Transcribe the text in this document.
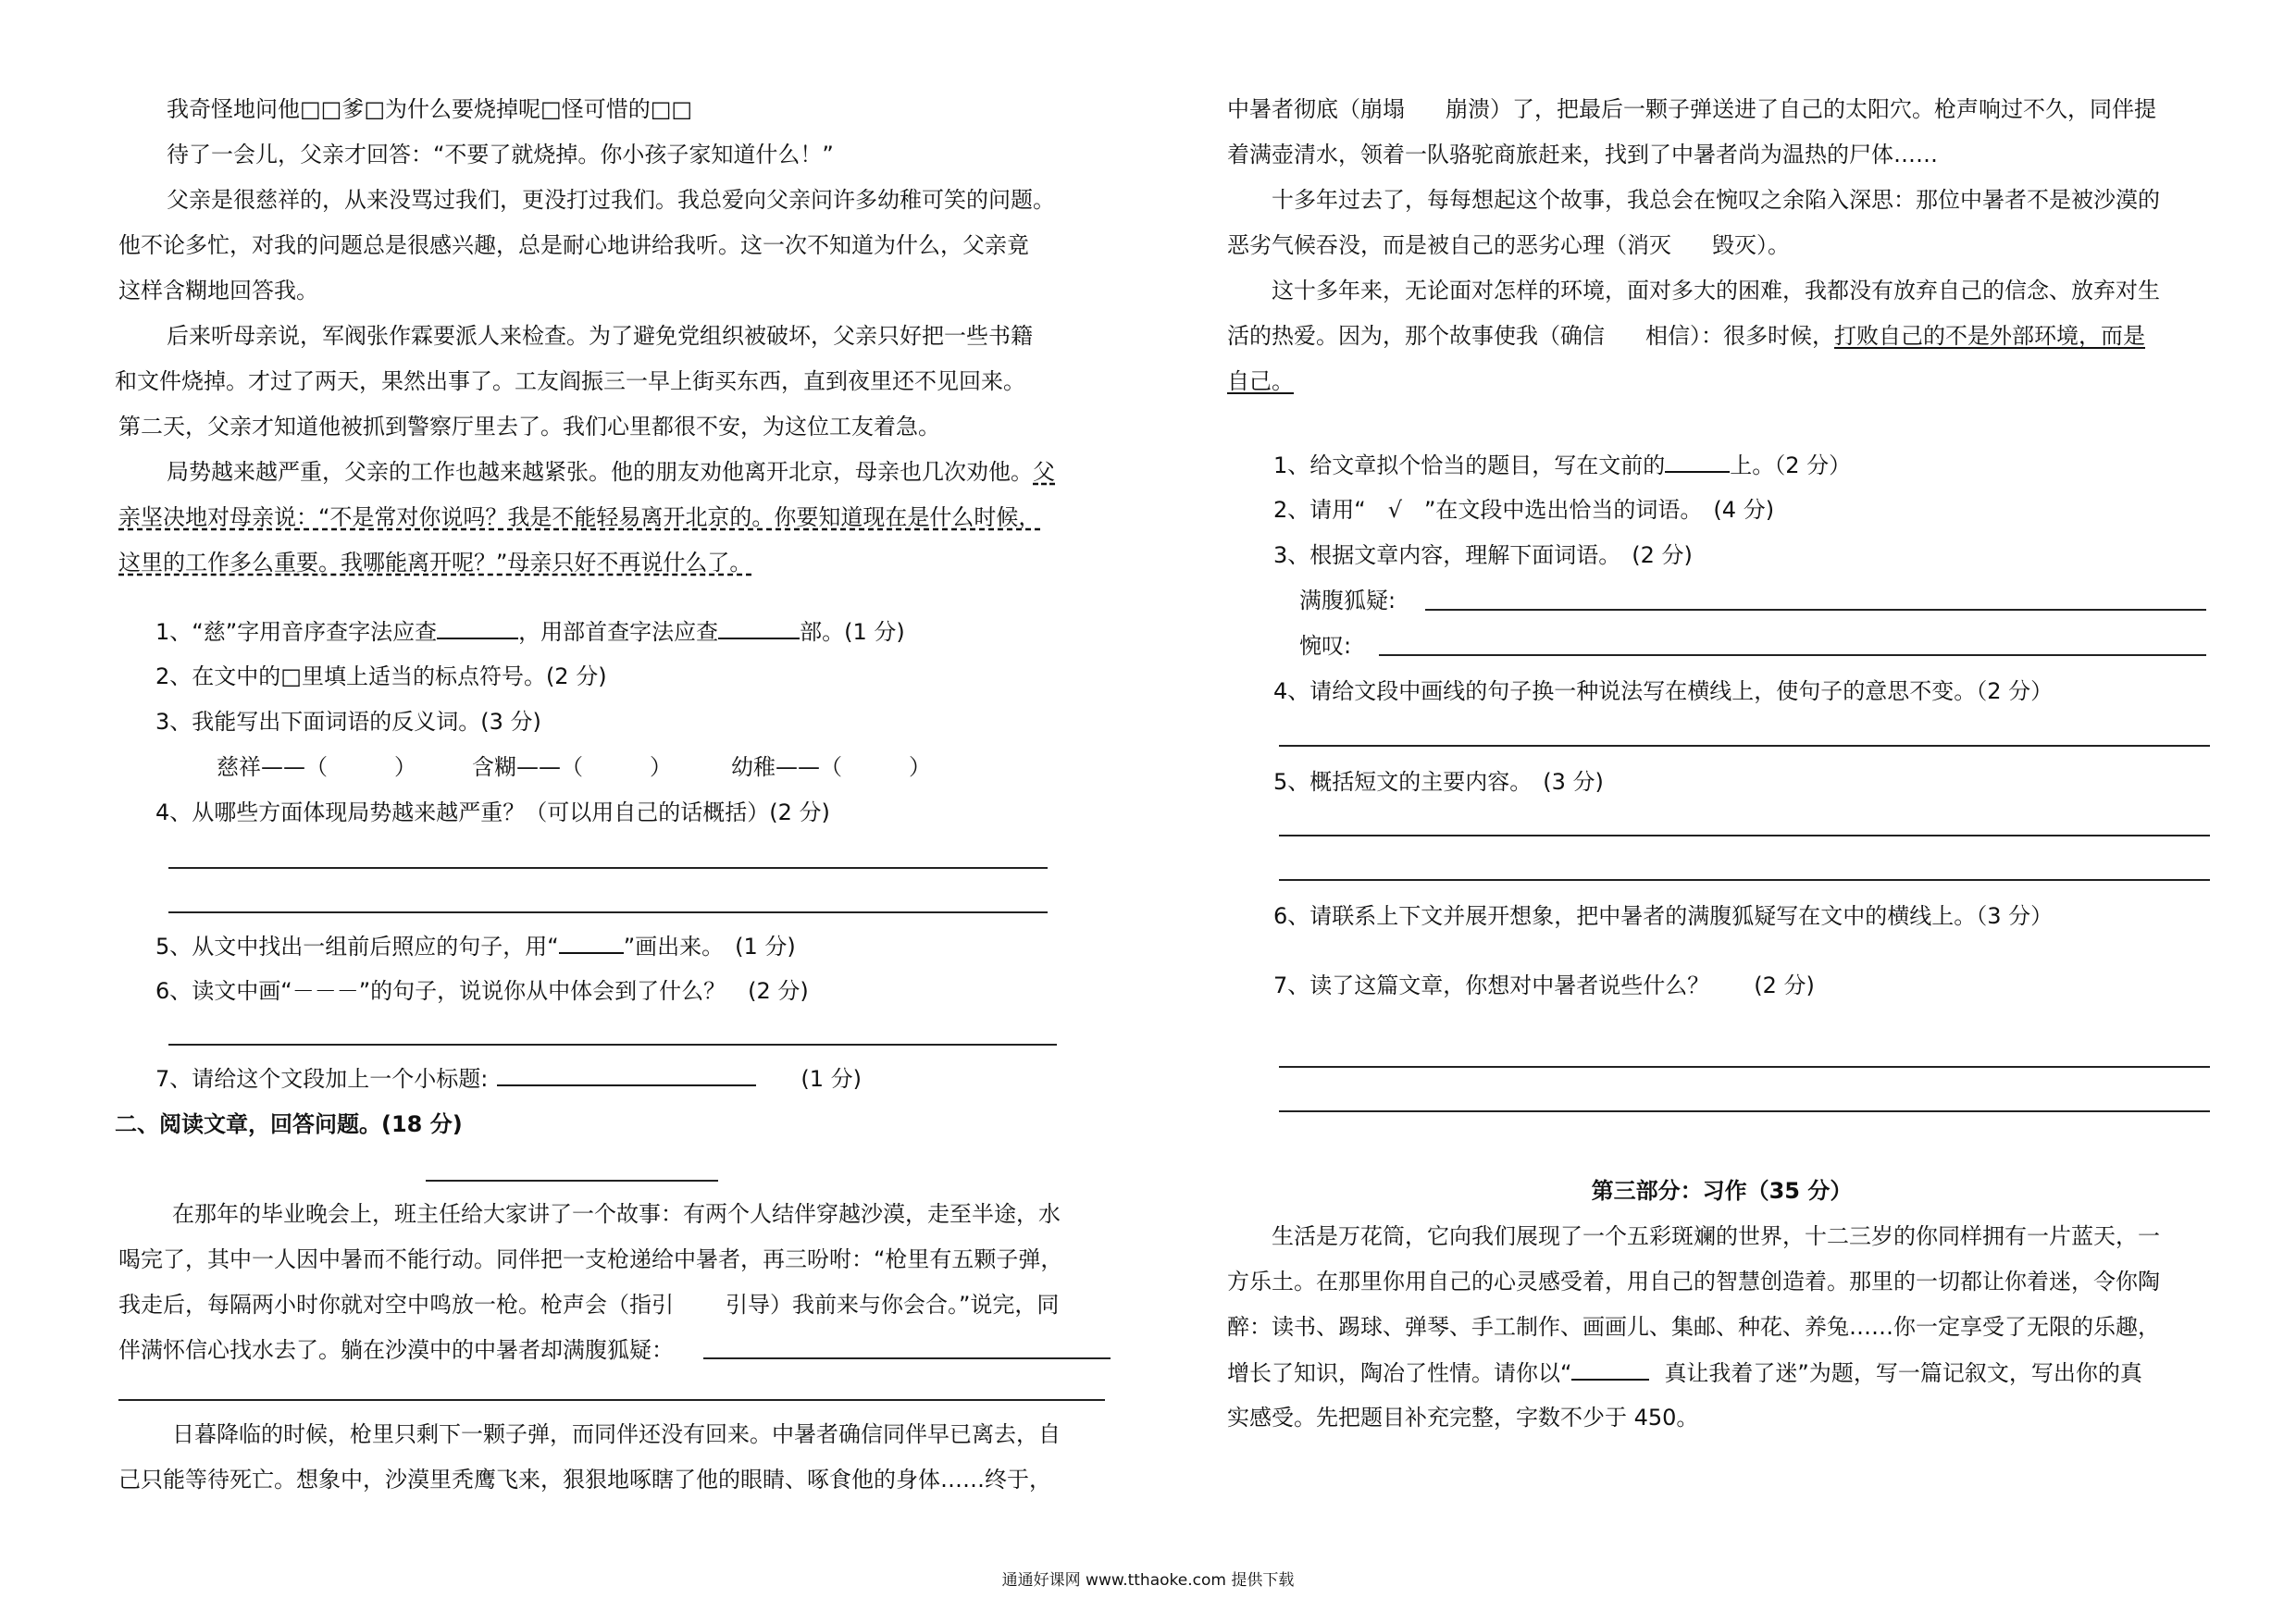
我奇怪地问他□□爹□为什么要烧掉呢□怪可惜的□□
待了一会儿，父亲才回答：“不要了就烧掉。你小孩子家知道什么！”
父亲是很慈祥的，从来没骂过我们，更没打过我们。我总爱向父亲问许多幼稚可笑的问题。
他不论多忙，对我的问题总是很感兴趣，总是耐心地讲给我听。这一次不知道为什么，父亲竟
这样含糊地回答我。
后来听母亲说，军阀张作霖要派人来检查。为了避免党组织被破坏，父亲只好把一些书籍
和文件烧掉。才过了两天，果然出事了。工友阎振三一早上街买东西，直到夜里还不见回来。
第二天，父亲才知道他被抓到警察厅里去了。我们心里都很不安，为这位工友着急。
局势越来越严重，父亲的工作也越来越紧张。他的朋友劝他离开北京，母亲也几次劝他。父
亲坚决地对母亲说：“不是常对你说吗？我是不能轻易离开北京的。你要知道现在是什么时候，
这里的工作多么重要。我哪能离开呢？”母亲只好不再说什么了。
1、“慈”字用音序查字法应查	，用部首查字法应查	部。(1 分)
2、在文中的□里填上适当的标点符号。(2 分)
3、我能写出下面词语的反义词。(3 分)
慈祥——（　　　）	含糊——（　　　）	幼稚——（　　　）
4、从哪些方面体现局势越来越严重？（可以用自己的话概括）(2 分)
5、从文中找出一组前后照应的句子，用“	”画出来。　(1 分)
6、读文中画“－－－”的句子，说说你从中体会到了什么？　(2 分)
7、请给这个文段加上一个小标题:	(1 分)
二、阅读文章，回答问题。(18 分)
在那年的毕业晚会上，班主任给大家讲了一个故事：有两个人结伴穿越沙漠，走至半途，水
喝完了，其中一人因中暑而不能行动。同伴把一支枪递给中暑者，再三吩咐：“枪里有五颗子弹，
我走后，每隔两小时你就对空中鸣放一枪。枪声会（指引 引导）我前来与你会合。”说完，同
伴满怀信心找水去了。躺在沙漠中的中暑者却满腹狐疑：
日暮降临的时候，枪里只剩下一颗子弹，而同伴还没有回来。中暑者确信同伴早已离去，自
己只能等待死亡。想象中，沙漠里秃鹰飞来，狠狠地啄瞎了他的眼睛、啄食他的身体……终于，
中暑者彻底（崩塌 崩溃）了，把最后一颗子弹送进了自己的太阳穴。枪声响过不久，同伴提
着满壶清水，领着一队骆驼商旅赶来，找到了中暑者尚为温热的尸体……
十多年过去了，每每想起这个故事，我总会在惋叹之余陷入深思：那位中暑者不是被沙漠的
恶劣气候吞没，而是被自己的恶劣心理（消灭 毁灭）。
这十多年来，无论面对怎样的环境，面对多大的困难，我都没有放弃自己的信念、放弃对生
活的热爱。因为，那个故事使我（确信 相信）：很多时候，打败自己的不是外部环境，而是
自己。
1、给文章拟个恰当的题目，写在文前的	上。（2 分）
2、请用“　√　”在文段中选出恰当的词语。　(4 分)
3、根据文章内容，理解下面词语。　(2 分)
满腹狐疑:
惋叹:
4、请给文段中画线的句子换一种说法写在横线上，使句子的意思不变。（2 分）
5、概括短文的主要内容。　(3 分)
6、请联系上下文并展开想象，把中暑者的满腹狐疑写在文中的横线上。（3 分）
7、读了这篇文章，你想对中暑者说些什么？　　(2 分)
第三部分：习作（35 分）
生活是万花筒，它向我们展现了一个五彩斑斓的世界，十二三岁的你同样拥有一片蓝天，一
方乐土。在那里你用自己的心灵感受着，用自己的智慧创造着。那里的一切都让你着迷，令你陶
醉：读书、踢球、弹琴、手工制作、画画儿、集邮、种花、养兔……你一定享受了无限的乐趣，
增长了知识，陶冶了性情。请你以“	真让我着了迷”为题，写一篇记叙文，写出你的真
实感受。先把题目补充完整，字数不少于 450。
通通好课网 www.tthaoke.com 提供下载
